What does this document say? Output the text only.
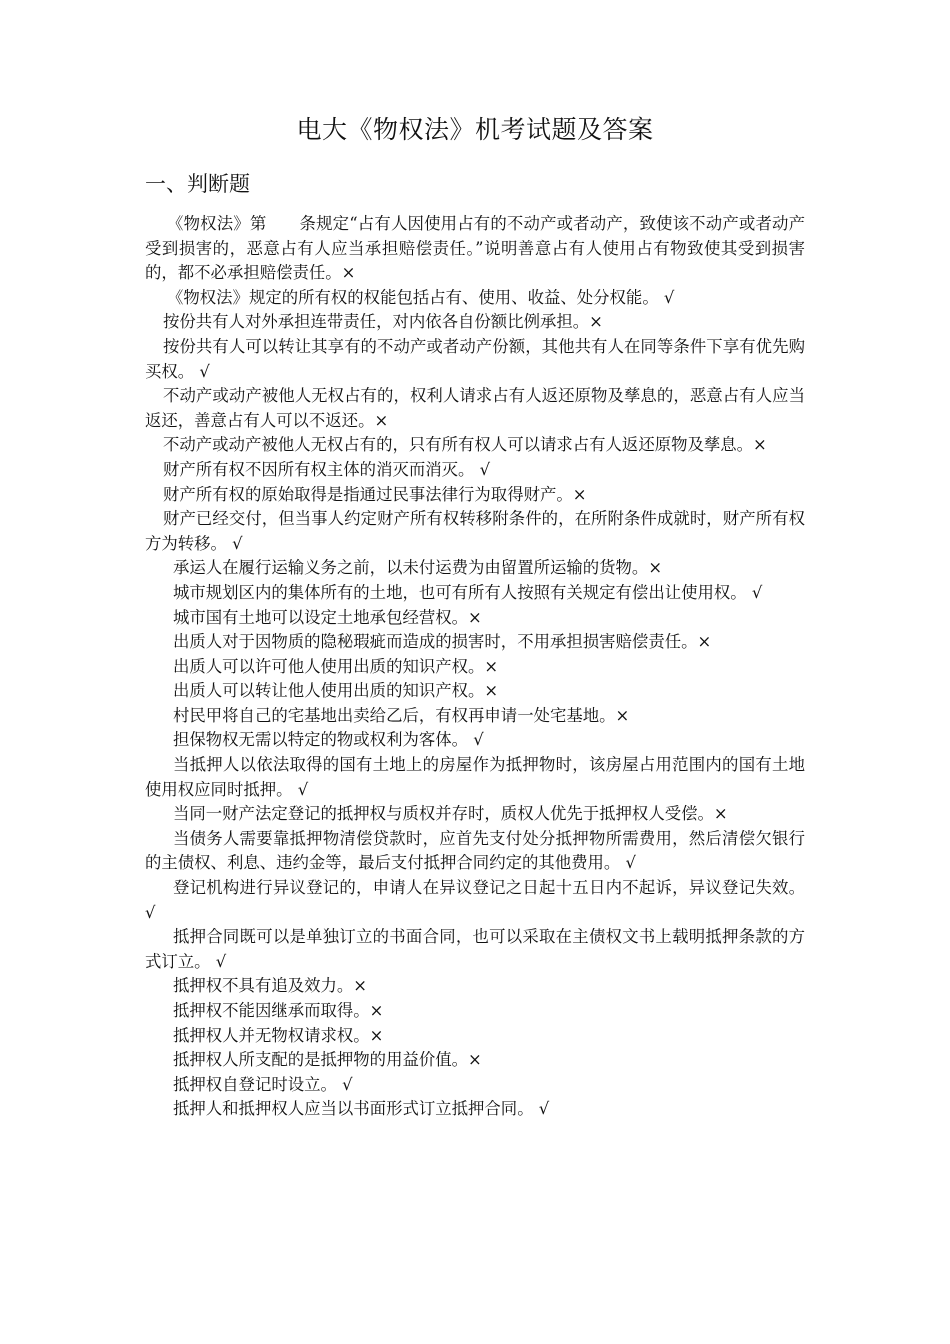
电大《物权法》机考试题及答案
一、判断题

《物权法》第　　条规定“占有人因使用占有的不动产或者动产，致使该不动产或者动产受到损害的，恶意占有人应当承担赔偿责任。”说明善意占有人使用占有物致使其受到损害的，都不必承担赔偿责任。×

《物权法》规定的所有权的权能包括占有、使用、收益、处分权能。 √

按份共有人对外承担连带责任，对内依各自份额比例承担。×

按份共有人可以转让其享有的不动产或者动产份额，其他共有人在同等条件下享有优先购买权。 √

不动产或动产被他人无权占有的，权利人请求占有人返还原物及孳息的，恶意占有人应当返还，善意占有人可以不返还。×

不动产或动产被他人无权占有的，只有所有权人可以请求占有人返还原物及孳息。×

财产所有权不因所有权主体的消灭而消灭。 √

财产所有权的原始取得是指通过民事法律行为取得财产。×

财产已经交付，但当事人约定财产所有权转移附条件的，在所附条件成就时，财产所有权方为转移。 √

承运人在履行运输义务之前，以未付运费为由留置所运输的货物。×

城市规划区内的集体所有的土地，也可有所有人按照有关规定有偿出让使用权。 √

城市国有土地可以设定土地承包经营权。×

出质人对于因物质的隐秘瑕疵而造成的损害时，不用承担损害赔偿责任。×

出质人可以许可他人使用出质的知识产权。×

出质人可以转让他人使用出质的知识产权。×

村民甲将自己的宅基地出卖给乙后，有权再申请一处宅基地。×

担保物权无需以特定的物或权利为客体。 √

当抵押人以依法取得的国有土地上的房屋作为抵押物时，该房屋占用范围内的国有土地使用权应同时抵押。 √

当同一财产法定登记的抵押权与质权并存时，质权人优先于抵押权人受偿。×

当债务人需要靠抵押物清偿贷款时，应首先支付处分抵押物所需费用，然后清偿欠银行的主债权、利息、违约金等，最后支付抵押合同约定的其他费用。 √

登记机构进行异议登记的，申请人在异议登记之日起十五日内不起诉，异议登记失效。 √

抵押合同既可以是单独订立的书面合同，也可以采取在主债权文书上载明抵押条款的方式订立。 √

抵押权不具有追及效力。×

抵押权不能因继承而取得。×

抵押权人并无物权请求权。×

抵押权人所支配的是抵押物的用益价值。×

抵押权自登记时设立。 √

抵押人和抵押权人应当以书面形式订立抵押合同。 √
